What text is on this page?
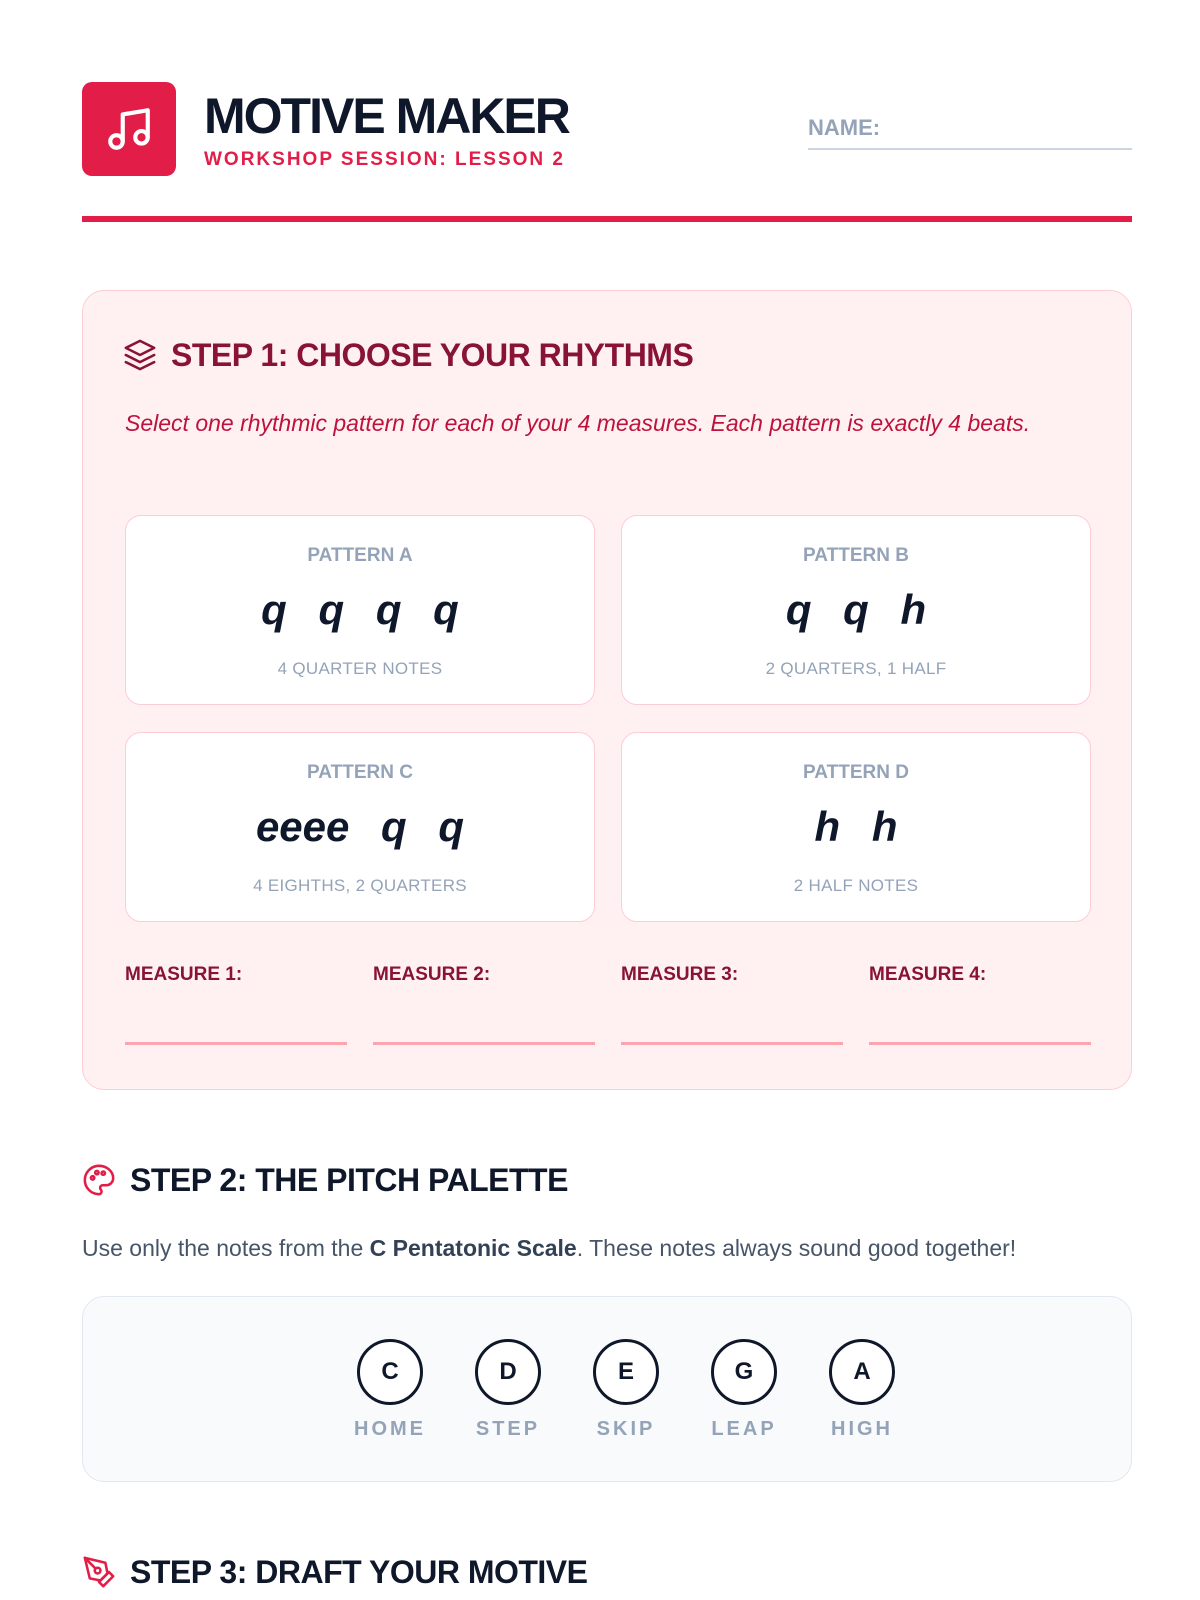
MOTIVE MAKER
WORKSHOP SESSION: LESSON 2
NAME:
STEP 1: CHOOSE YOUR RHYTHMS
Select one rhythmic pattern for each of your 4 measures. Each pattern is exactly 4 beats.
PATTERN A
q q q q
4 QUARTER NOTES
PATTERN B
q q h
2 QUARTERS, 1 HALF
PATTERN C
eeee q q
4 EIGHTHS, 2 QUARTERS
PATTERN D
h h
2 HALF NOTES
MEASURE 1:	MEASURE 2:	MEASURE 3:	MEASURE 4:
STEP 2: THE PITCH PALETTE
Use only the notes from the C Pentatonic Scale. These notes always sound good together!
C
HOME
D
STEP
E
SKIP
G
LEAP
A
HIGH
STEP 3: DRAFT YOUR MOTIVE
